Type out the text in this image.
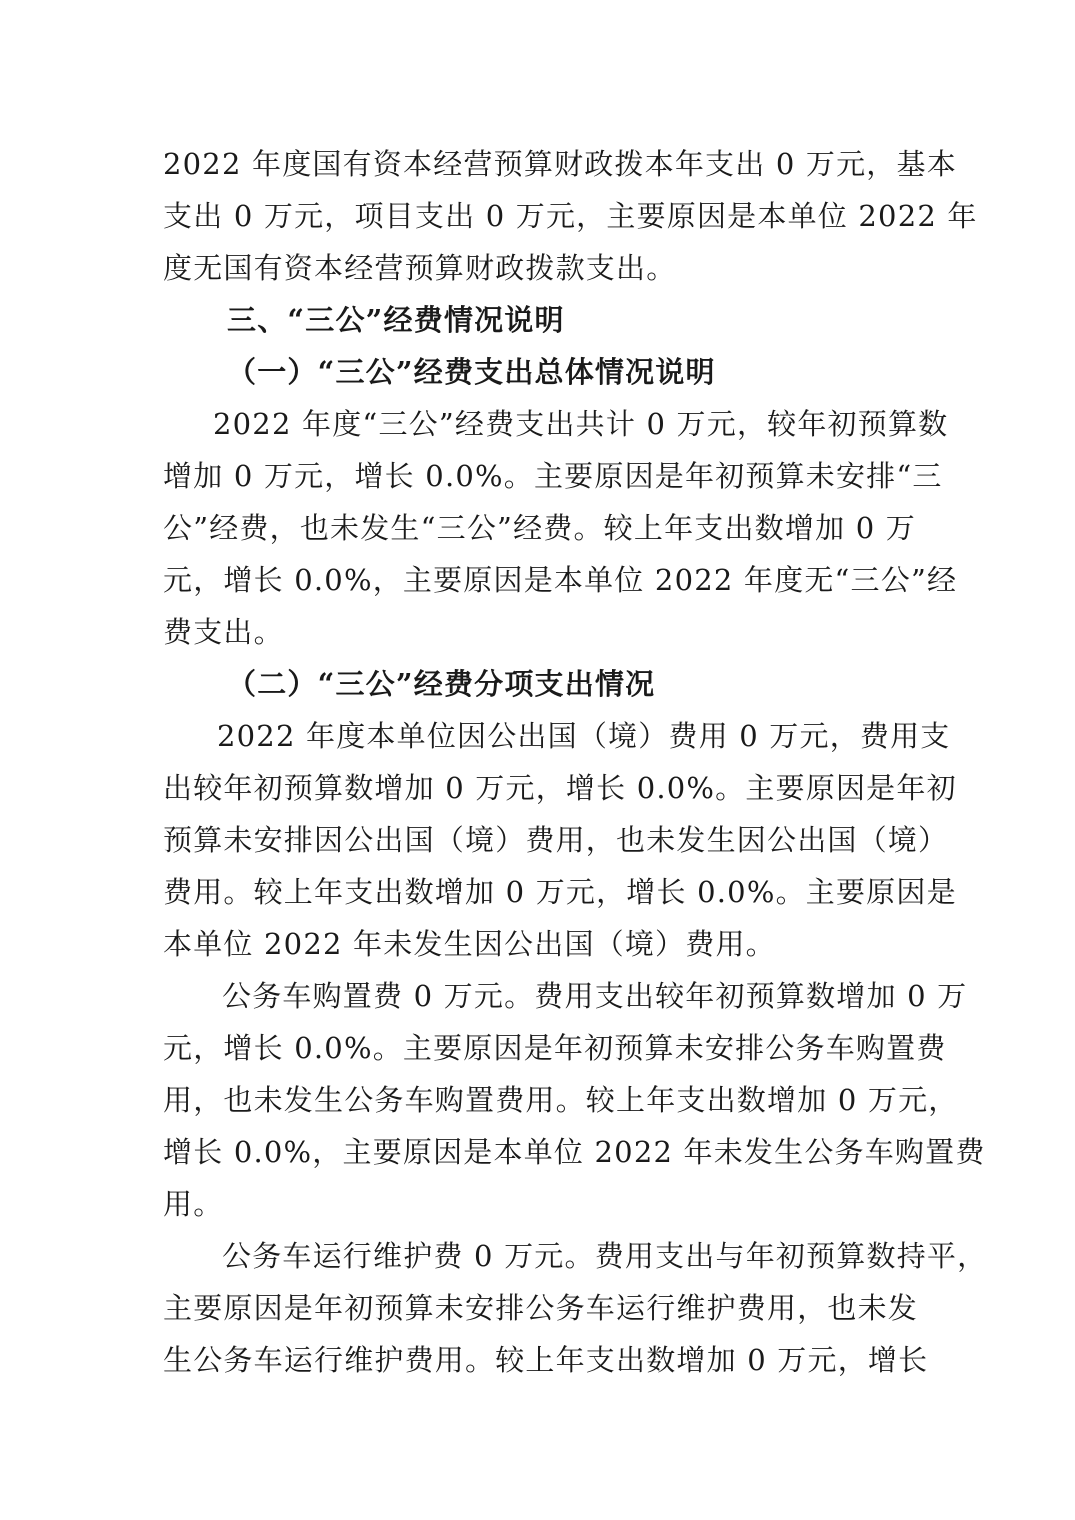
2022 年度国有资本经营预算财政拨本年支出 0 万元，基本
支出 0 万元，项目支出 0 万元，主要原因是本单位 2022 年
度无国有资本经营预算财政拨款支出。
三、“三公”经费情况说明
（一）“三公”经费支出总体情况说明
2022 年度“三公”经费支出共计 0 万元，较年初预算数
增加 0 万元，增长 0.0%。主要原因是年初预算未安排“三
公”经费，也未发生“三公”经费。较上年支出数增加 0 万
元，增长 0.0%，主要原因是本单位 2022 年度无“三公”经
费支出。
（二）“三公”经费分项支出情况
2022 年度本单位因公出国（境）费用 0 万元，费用支
出较年初预算数增加 0 万元，增长 0.0%。主要原因是年初
预算未安排因公出国（境）费用，也未发生因公出国（境）
费用。较上年支出数增加 0 万元，增长 0.0%。主要原因是
本单位 2022 年未发生因公出国（境）费用。
公务车购置费 0 万元。费用支出较年初预算数增加 0 万
元，增长 0.0%。主要原因是年初预算未安排公务车购置费
用，也未发生公务车购置费用。较上年支出数增加 0 万元，
增长 0.0%，主要原因是本单位 2022 年未发生公务车购置费
用。
公务车运行维护费 0 万元。费用支出与年初预算数持平，
主要原因是年初预算未安排公务车运行维护费用，也未发
生公务车运行维护费用。较上年支出数增加 0 万元，增长
